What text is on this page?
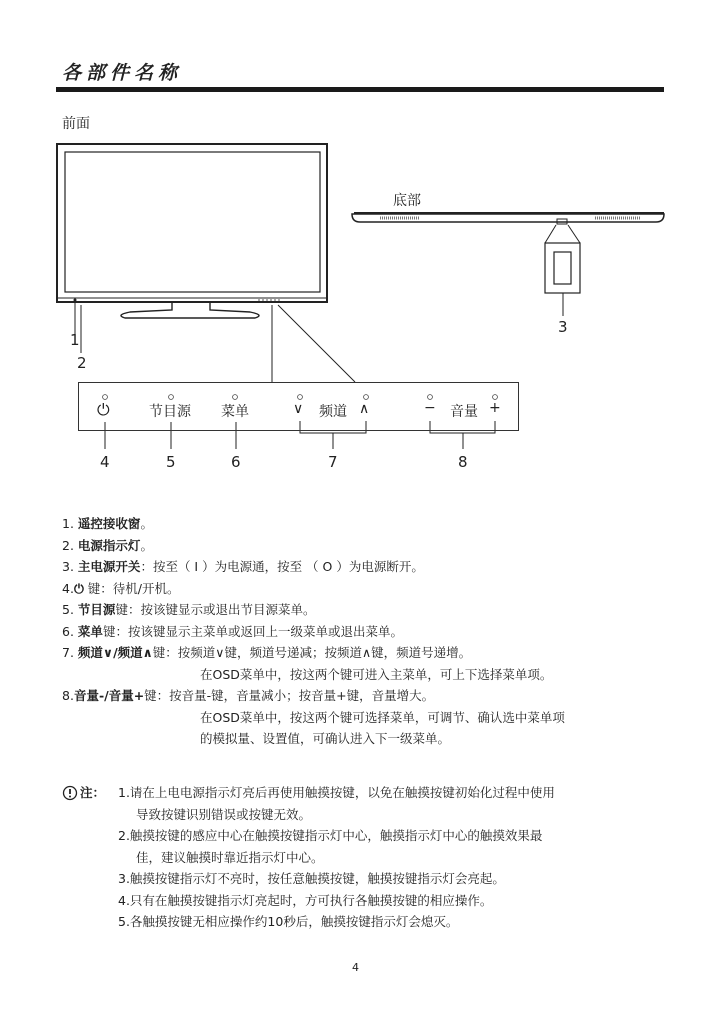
各部件名称
前面
底部
⏻	节目源 菜单	∨ 频道 ∧	− 音量 +
1
2
3
4	5	6	7	8
1. 遥控接收窗。
2. 电源指示灯。
3. 主电源开关：按至（ I ）为电源通，按至 （ O ）为电源断开。
4.⏻ 键：待机/开机。
5. 节目源键：按该键显示或退出节目源菜单。
6. 菜单键：按该键显示主菜单或返回上一级菜单或退出菜单。
7. 频道∨/频道∧键：按频道∨键，频道号递减；按频道∧键，频道号递增。
在OSD菜单中，按这两个键可进入主菜单，可上下选择菜单项。
8.音量-/音量+键：按音量-键，音量减小；按音量+键，音量增大。
在OSD菜单中，按这两个键可选择菜单，可调节、确认选中菜单项
的模拟量、设置值，可确认进入下一级菜单。
注： 1.请在上电电源指示灯亮后再使用触摸按键，以免在触摸按键初始化过程中使用
导致按键识别错误或按键无效。
2.触摸按键的感应中心在触摸按键指示灯中心，触摸指示灯中心的触摸效果最
佳，建议触摸时靠近指示灯中心。
3.触摸按键指示灯不亮时，按任意触摸按键，触摸按键指示灯会亮起。
4.只有在触摸按键指示灯亮起时，方可执行各触摸按键的相应操作。
5.各触摸按键无相应操作约10秒后，触摸按键指示灯会熄灭。
4
